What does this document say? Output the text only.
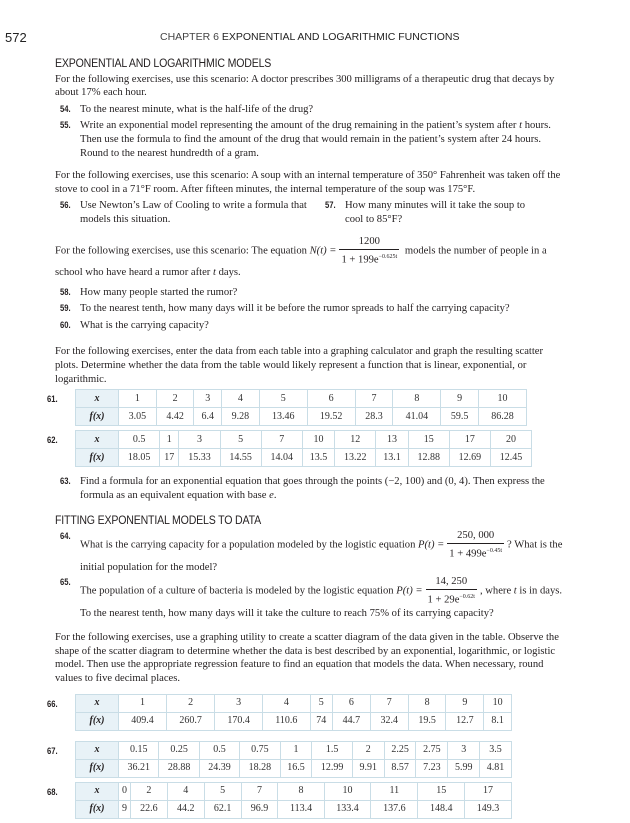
572	CHAPTER 6 EXPONENTIAL AND LOGARITHMIC FUNCTIONS
EXPONENTIAL AND LOGARITHMIC MODELS

For the following exercises, use this scenario: A doctor prescribes 300 milligrams of a therapeutic drug that decays by about 17% each hour.

54. To the nearest minute, what is the half-life of the drug?
55. Write an exponential model representing the amount of the drug remaining in the patient’s system after t hours. Then use the formula to find the amount of the drug that would remain in the patient’s system after 24 hours. Round to the nearest hundredth of a gram.

For the following exercises, use this scenario: A soup with an internal temperature of 350° Fahrenheit was taken off the stove to cool in a 71°F room. After fifteen minutes, the internal temperature of the soup was 175°F.

56. Use Newton’s Law of Cooling to write a formula that models this situation.
57. How many minutes will it take the soup to cool to 85°F?

For the following exercises, use this scenario: The equation $N(t) = \frac{1200}{1 + 199e^{-0.625t}}$ models the number of people in a school who have heard a rumor after t days.

58. How many people started the rumor?
59. To the nearest tenth, how many days will it be before the rumor spreads to half the carrying capacity?
60. What is the carrying capacity?

For the following exercises, enter the data from each table into a graphing calculator and graph the resulting scatter plots. Determine whether the data from the table would likely represent a function that is linear, exponential, or logarithmic.

61.	x	1	2	3	4	5	6	7	8	9	10
f(x)	3.05	4.42	6.4	9.28	13.46	19.52	28.3	41.04	59.5	86.28
62.	x	0.5	1	3	5	7	10	12	13	15	17	20
f(x)	18.05	17	15.33	14.55	14.04	13.5	13.22	13.1	12.88	12.69	12.45
63. Find a formula for an exponential equation that goes through the points (−2, 100) and (0, 4). Then express the formula as an equivalent equation with base e.
FITTING EXPONENTIAL MODELS TO DATA
64.
What is the carrying capacity for a population modeled by the logistic equation $P(t) = \frac{250, 000}{1 + 499e^{-0.45t}}$ ? What is the initial population for the model?
65.
The population of a culture of bacteria is modeled by the logistic equation $P(t) = \frac{14, 250}{1 + 29e^{-0.62t}}$ , where t is in days. To the nearest tenth, how many days will it take the culture to reach 75% of its carrying capacity?

For the following exercises, use a graphing utility to create a scatter diagram of the data given in the table. Observe the shape of the scatter diagram to determine whether the data is best described by an exponential, logarithmic, or logistic model. Then use the appropriate regression feature to find an equation that models the data. When necessary, round values to five decimal places.

66.	x	1	2	3	4	5	6	7	8	9	10
f(x)	409.4	260.7	170.4	110.6	74	44.7	32.4	19.5	12.7	8.1
67.	x	0.15	0.25	0.5	0.75	1	1.5	2	2.25	2.75	3	3.5
f(x)	36.21	28.88	24.39	18.28	16.5	12.99	9.91	8.57	7.23	5.99	4.81
68.	x	0	2	4	5	7	8	10	11	15	17
f(x)	9	22.6	44.2	62.1	96.9	113.4	133.4	137.6	148.4	149.3
